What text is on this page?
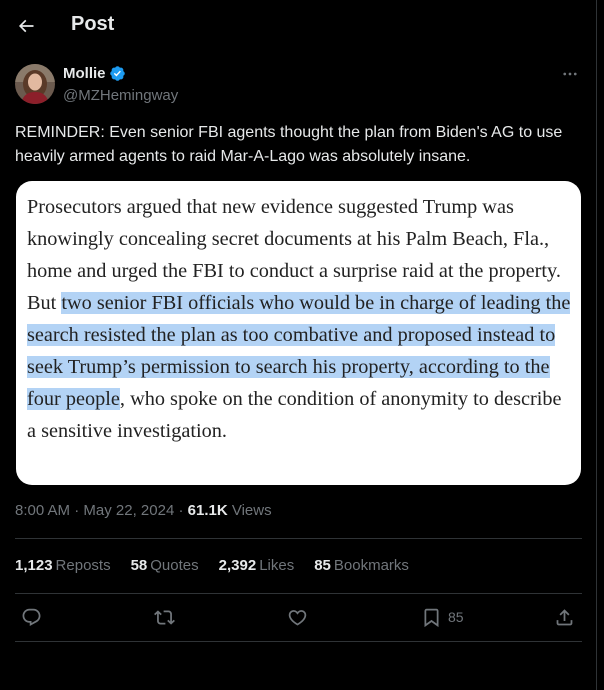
Post
Mollie
@MZHemingway
REMINDER: Even senior FBI agents thought the plan from Biden's AG to use heavily armed agents to raid Mar-A-Lago was absolutely insane.
Prosecutors argued that new evidence suggested Trump was knowingly concealing secret documents at his Palm Beach, Fla., home and urged the FBI to conduct a surprise raid at the property. But two senior FBI officials who would be in charge of leading the search resisted the plan as too combative and proposed instead to seek Trump’s permission to search his property, according to the four people, who spoke on the condition of anonymity to describe a sensitive investigation.
8:00 AM · May 22, 2024 · 61.1K Views
1,123 Reposts 58 Quotes 2,392 Likes 85 Bookmarks
85
